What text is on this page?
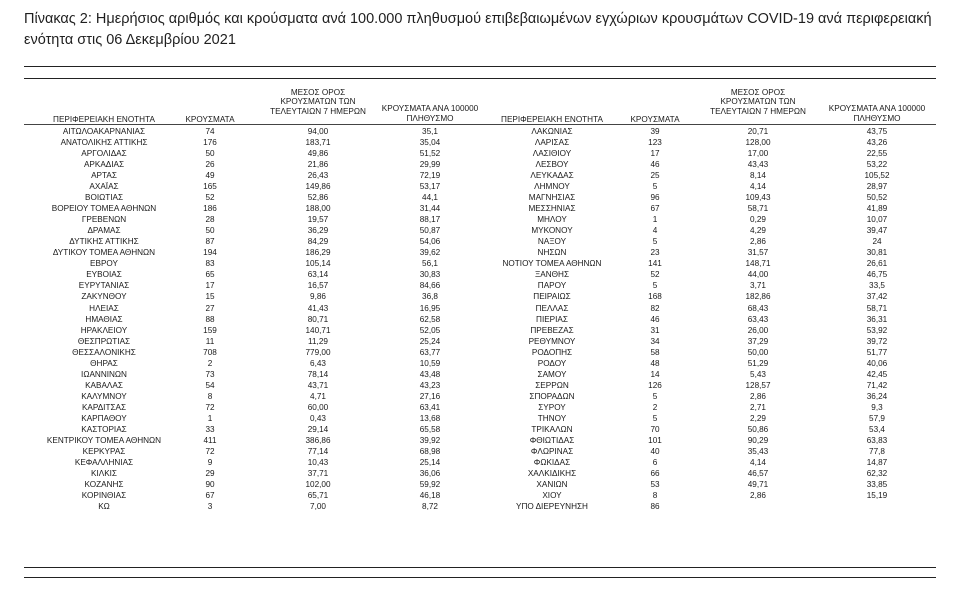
Πίνακας 2: Ημερήσιος αριθμός και κρούσματα ανά 100.000 πληθυσμού επιβεβαιωμένων εγχώριων κρουσμάτων COVID-19 ανά περιφερειακή ενότητα στις 06 Δεκεμβρίου 2021
ΠΕΡΙΦΕΡΕΙΑΚΗ ΕΝΟΤΗΤΑ	ΚΡΟΥΣΜΑΤΑ
ΜΕΣΟΣ ΟΡΟΣ
ΚΡΟΥΣΜΑΤΩΝ ΤΩΝ
ΤΕΛΕΥΤΑΙΩΝ 7 ΗΜΕΡΩΝ	ΚΡΟΥΣΜΑΤΑ ΑΝΑ 100000
ΠΛΗΘΥΣΜΟ	ΠΕΡΙΦΕΡΕΙΑΚΗ ΕΝΟΤΗΤΑ	ΚΡΟΥΣΜΑΤΑ
ΜΕΣΟΣ ΟΡΟΣ
ΚΡΟΥΣΜΑΤΩΝ ΤΩΝ
ΤΕΛΕΥΤΑΙΩΝ 7 ΗΜΕΡΩΝ	ΚΡΟΥΣΜΑΤΑ ΑΝΑ 100000
ΠΛΗΘΥΣΜΟ
ΑΙΤΩΛΟΑΚΑΡΝΑΝΙΑΣ	74	94,00	35,1	ΛΑΚΩΝΙΑΣ	39	20,71	43,75
ΑΝΑΤΟΛΙΚΗΣ ΑΤΤΙΚΗΣ	176	183,71	35,04	ΛΑΡΙΣΑΣ	123	128,00	43,26
ΑΡΓΟΛΙΔΑΣ	50	49,86	51,52	ΛΑΣΙΘΙΟΥ	17	17,00	22,55
ΑΡΚΑΔΙΑΣ	26	21,86	29,99	ΛΕΣΒΟΥ	46	43,43	53,22
ΑΡΤΑΣ	49	26,43	72,19	ΛΕΥΚΑΔΑΣ	25	8,14	105,52
ΑΧΑΪΑΣ	165	149,86	53,17	ΛΗΜΝΟΥ	5	4,14	28,97
ΒΟΙΩΤΙΑΣ	52	52,86	44,1	ΜΑΓΝΗΣΙΑΣ	96	109,43	50,52
ΒΟΡΕΙΟΥ ΤΟΜΕΑ ΑΘΗΝΩΝ	186	188,00	31,44	ΜΕΣΣΗΝΙΑΣ	67	58,71	41,89
ΓΡΕΒΕΝΩΝ	28	19,57	88,17	ΜΗΛΟΥ	1	0,29	10,07
ΔΡΑΜΑΣ	50	36,29	50,87	ΜΥΚΟΝΟΥ	4	4,29	39,47
ΔΥΤΙΚΗΣ ΑΤΤΙΚΗΣ	87	84,29	54,06	ΝΑΞΟΥ	5	2,86	24
ΔΥΤΙΚΟΥ ΤΟΜΕΑ ΑΘΗΝΩΝ	194	186,29	39,62	ΝΗΣΩΝ	23	31,57	30,81
ΕΒΡΟΥ	83	105,14	56,1	ΝΟΤΙΟΥ ΤΟΜΕΑ ΑΘΗΝΩΝ	141	148,71	26,61
ΕΥΒΟΙΑΣ	65	63,14	30,83	ΞΑΝΘΗΣ	52	44,00	46,75
ΕΥΡΥΤΑΝΙΑΣ	17	16,57	84,66	ΠΑΡΟΥ	5	3,71	33,5
ΖΑΚΥΝΘΟΥ	15	9,86	36,8	ΠΕΙΡΑΙΩΣ	168	182,86	37,42
ΗΛΕΙΑΣ	27	41,43	16,95	ΠΕΛΛΑΣ	82	68,43	58,71
ΗΜΑΘΙΑΣ	88	80,71	62,58	ΠΙΕΡΙΑΣ	46	63,43	36,31
ΗΡΑΚΛΕΙΟΥ	159	140,71	52,05	ΠΡΕΒΕΖΑΣ	31	26,00	53,92
ΘΕΣΠΡΩΤΙΑΣ	11	11,29	25,24	ΡΕΘΥΜΝΟΥ	34	37,29	39,72
ΘΕΣΣΑΛΟΝΙΚΗΣ	708	779,00	63,77	ΡΟΔΟΠΗΣ	58	50,00	51,77
ΘΗΡΑΣ	2	6,43	10,59	ΡΟΔΟΥ	48	51,29	40,06
ΙΩΑΝΝΙΝΩΝ	73	78,14	43,48	ΣΑΜΟΥ	14	5,43	42,45
ΚΑΒΑΛΑΣ	54	43,71	43,23	ΣΕΡΡΩΝ	126	128,57	71,42
ΚΑΛΥΜΝΟΥ	8	4,71	27,16	ΣΠΟΡΑΔΩΝ	5	2,86	36,24
ΚΑΡΔΙΤΣΑΣ	72	60,00	63,41	ΣΥΡΟΥ	2	2,71	9,3
ΚΑΡΠΑΘΟΥ	1	0,43	13,68	ΤΗΝΟΥ	5	2,29	57,9
ΚΑΣΤΟΡΙΑΣ	33	29,14	65,58	ΤΡΙΚΑΛΩΝ	70	50,86	53,4
ΚΕΝΤΡΙΚΟΥ ΤΟΜΕΑ ΑΘΗΝΩΝ	411	386,86	39,92	ΦΘΙΩΤΙΔΑΣ	101	90,29	63,83
ΚΕΡΚΥΡΑΣ	72	77,14	68,98	ΦΛΩΡΙΝΑΣ	40	35,43	77,8
ΚΕΦΑΛΛΗΝΙΑΣ	9	10,43	25,14	ΦΩΚΙΔΑΣ	6	4,14	14,87
ΚΙΛΚΙΣ	29	37,71	36,06	ΧΑΛΚΙΔΙΚΗΣ	66	46,57	62,32
ΚΟΖΑΝΗΣ	90	102,00	59,92	ΧΑΝΙΩΝ	53	49,71	33,85
ΚΟΡΙΝΘΙΑΣ	67	65,71	46,18	ΧΙΟΥ	8	2,86	15,19
ΚΩ	3	7,00	8,72	ΥΠΟ ΔΙΕΡΕΥΝΗΣΗ	86
